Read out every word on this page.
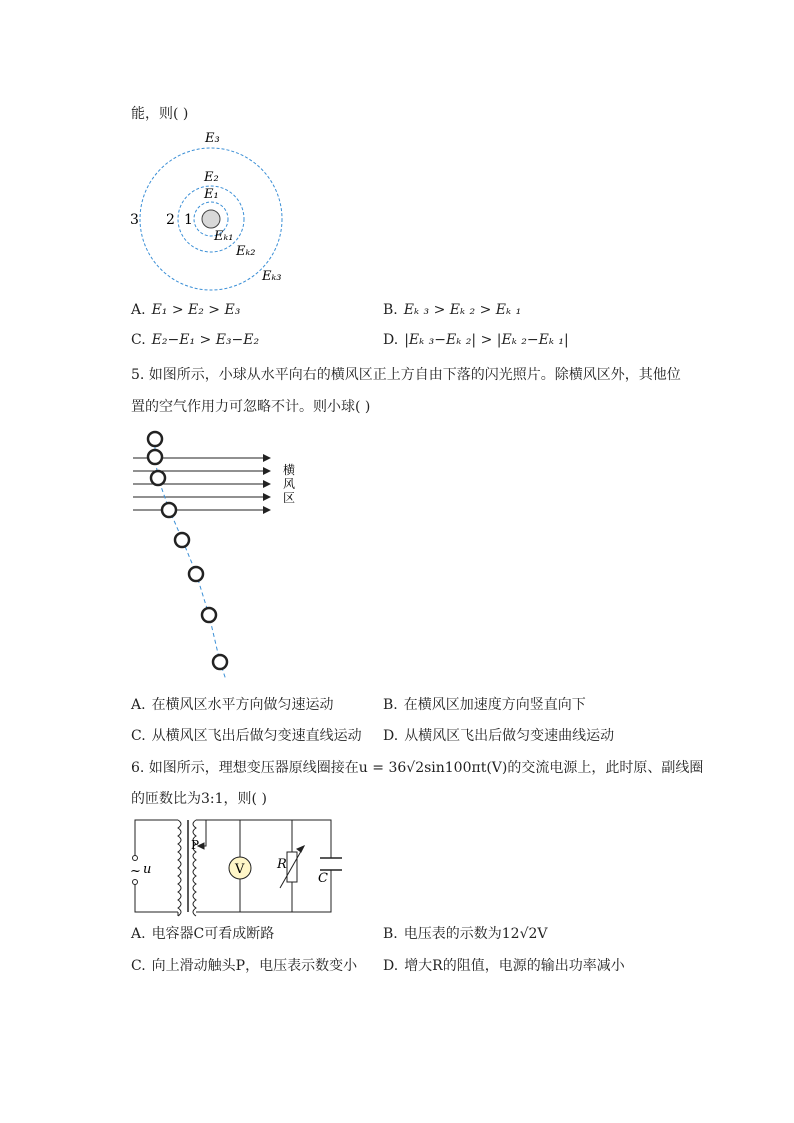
能，则( )
E₃
E₂
E₁
3 2 1
Eₖ₁
Eₖ₂
Eₖ₃
A. E₁ > E₂ > E₃	B. Eₖ ₃ > Eₖ ₂ > Eₖ ₁
C. E₂−E₁ > E₃−E₂	D. |Eₖ ₃−Eₖ ₂| > |Eₖ ₂−Eₖ ₁|
5. 如图所示，小球从水平向右的横风区正上方自由下落的闪光照片。除横风区外，其他位
置的空气作用力可忽略不计。则小球( )
横
风
区
A. 在横风区水平方向做匀速运动	B. 在横风区加速度方向竖直向下
C. 从横风区飞出后做匀变速直线运动 D. 从横风区飞出后做匀变速曲线运动
6. 如图所示，理想变压器原线圈接在u = 36√2sin100πt(V)的交流电源上，此时原、副线圈
的匝数比为3:1，则( )
V
~ u
P
R
C
A. 电容器C可看成断路	B. 电压表的示数为12√2V
C. 向上滑动触头P，电压表示数变小 D. 增大R的阻值，电源的输出功率减小
